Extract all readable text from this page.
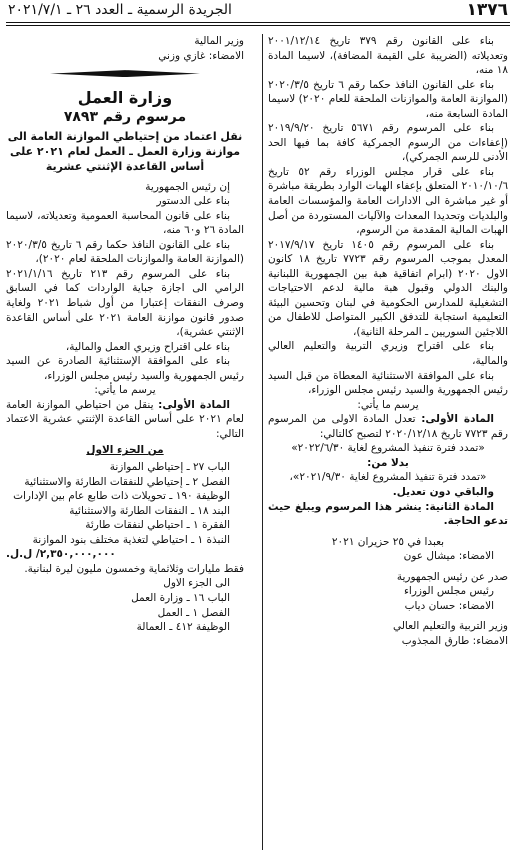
١٣٧٦
الجريدة الرسمية ـ العدد ٢٦ ـ ٢٠٢١/٧/١

بناء على القانون رقم ٣٧٩ تاريخ ٢٠٠١/١٢/١٤ وتعديلاته (الضريبة على القيمة المضافة)، لاسيما المادة ١٨ منه،

بناء على القانون النافذ حكما رقم ٦ تاريخ ٢٠٢٠/٣/٥ (الموازنة العامة والموازنات الملحقة للعام ٢٠٢٠) لاسيما المادة السابعة منه،

بناء على المرسوم رقم ٥٦٧١ تاريخ ٢٠١٩/٩/٢٠ (إعفاءات من الرسوم الجمركية كافة بما فيها الحد الأدنى للرسم الجمركي)،

بناء على قرار مجلس الوزراء رقم ٥٢ تاريخ ٢٠١٠/١٠/٦ المتعلق بإعفاء الهبات الوارد بطريقة مباشرة أو غير مباشرة الى الادارات العامة والمؤسسات العامة والبلديات وتحديدا المعدات والآليات المستوردة من أصل الهبات المالية المقدمة من الرسوم،

بناء على المرسوم رقم ١٤٠٥ تاريخ ٢٠١٧/٩/١٧ المعدل بموجب المرسوم رقم ٧٧٢٣ تاريخ ١٨ كانون الاول ٢٠٢٠ (ابرام اتفاقية هبة بين الجمهورية اللبنانية والبنك الدولي وقبول هبة مالية لدعم الاحتياجات التشغيلية للمدارس الحكومية في لبنان وتحسين البيئة التعليمية استجابة للتدفق الكبير المتواصل للاطفال من اللاجئين السوريين ـ المرحلة الثانية)،

بناء على اقتراح وزيري التربية والتعليم العالي والمالية،

بناء على الموافقة الاستثنائية المعطاة من قبل السيد رئيس الجمهورية والسيد رئيس مجلس الوزراء،

يرسم ما يأتي:

المادة الأولى: تعدل المادة الاولى من المرسوم رقم ٧٧٢٣ تاريخ ٢٠٢٠/١٢/١٨ لتصبح كالتالي:

«تمدد فترة تنفيذ المشروع لغاية ٢٠٢٢/٦/٣٠»

بدلا من:

«تمدد فترة تنفيذ المشروع لغاية ٢٠٢١/٩/٣٠»،

والباقي دون تعديل.

المادة الثانية: ينشر هذا المرسوم ويبلغ حيث تدعو الحاجة.

بعبدا في ٢٥ حزيران ٢٠٢١

الامضاء: ميشال عون

صدر عن رئيس الجمهورية

رئيس مجلس الوزراء

الامضاء: حسان دياب

وزير التربية والتعليم العالي

الامضاء: طارق المجذوب

وزير المالية

الامضاء: غازي وزني

وزارة العمل

مرسوم رقم ٧٨٩٣

نقل اعتماد من إحتياطي الموازنة العامة الى موازنة وزارة العمل ـ العمل لعام ٢٠٢١ على أساس القاعدة الإثنتي عشرية

إن رئيس الجمهورية

بناء على الدستور

بناء على قانون المحاسبة العمومية وتعديلاته، لاسيما المادة ٢٦ و٦٠ منه،

بناء على القانون النافذ حكما رقم ٦ تاريخ ٢٠٢٠/٣/٥ (الموازنة العامة والموازنات الملحقة لعام ٢٠٢٠)،

بناء على المرسوم رقم ٢١٣ تاريخ ٢٠٢١/١/١٦ الرامي الى اجازة جباية الواردات كما في السابق وصرف النفقات إعتبارا من أول شباط ٢٠٢١ ولغاية صدور قانون موازنة العامة ٢٠٢١ على أساس القاعدة الإثنتي عشرية)،

بناء على اقتراح وزيري العمل والمالية،

بناء على الموافقة الإستثنائية الصادرة عن السيد رئيس الجمهورية والسيد رئيس مجلس الوزراء،

يرسم ما يأتي:

المادة الأولى: ينقل من احتياطي الموازنة العامة لعام ٢٠٢١ على أساس القاعدة الإثنتي عشرية الاعتماد التالي:

من الجزء الاول

الباب ٢٧ ـ إحتياطي الموازنة

الفصل ٢ ـ إحتياطي للنفقات الطارئة والاستثنائية

الوظيفة ١٩٠ ـ تحويلات ذات طابع عام بين الإدارات

البند ١٨ ـ النفقات الطارئة والاستثنائية

الفقرة ١ ـ احتياطي لنفقات طارئة

النبذة ١ ـ احتياطي لتغذية مختلف بنود الموازنة

٢,٣٥٠,٠٠٠,٠٠٠/ ل.ل.

فقط مليارات وثلاثماية وخمسون مليون ليرة لبنانية.

الى الجزء الاول

الباب ١٦ ـ وزارة العمل

الفصل ١ ـ العمل

الوظيفة ٤١٢ ـ العمالة
